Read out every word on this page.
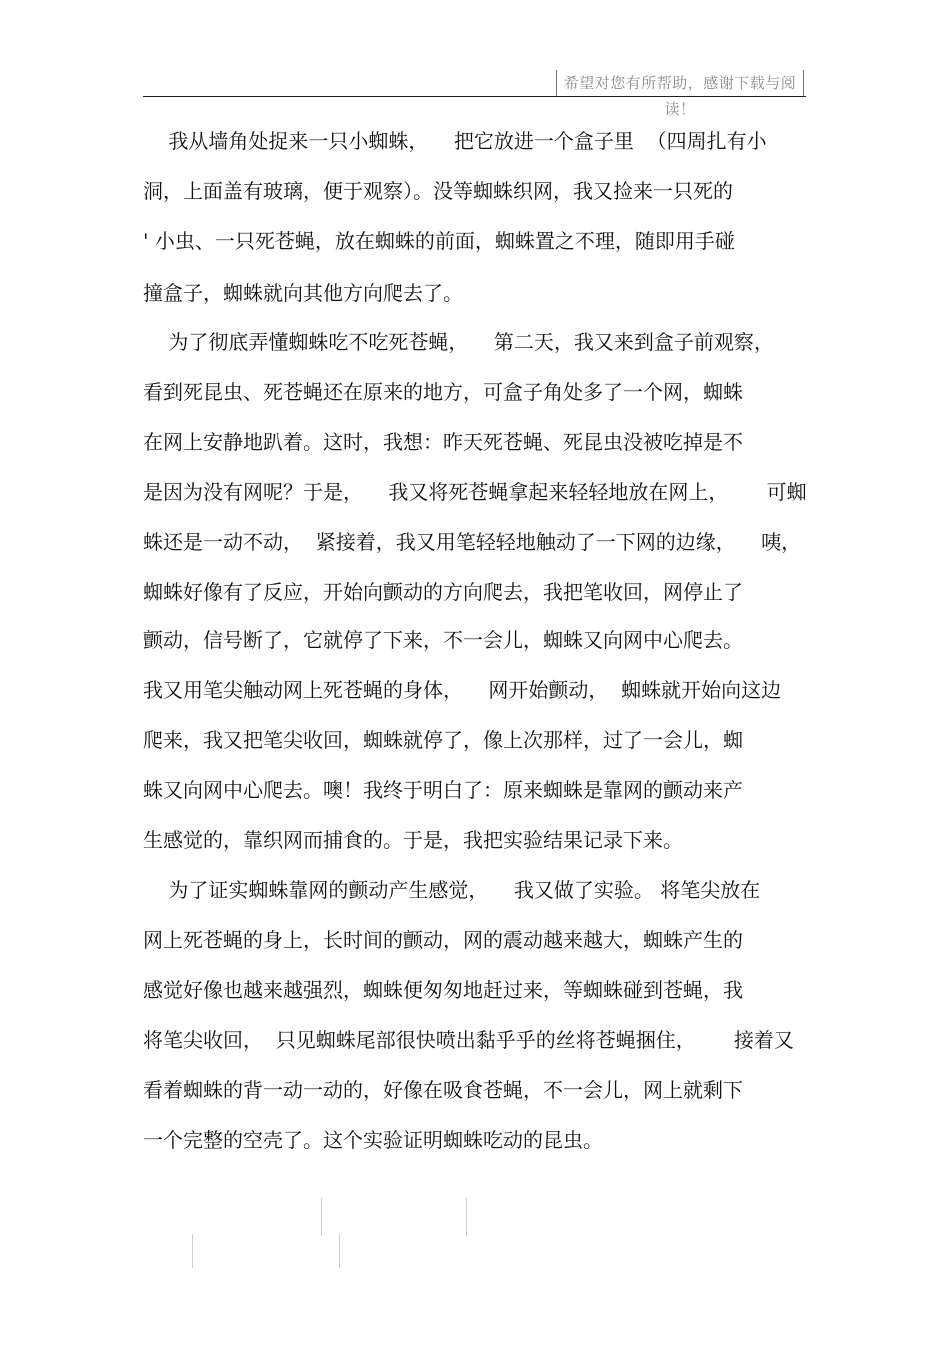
希望对您有所帮助，感谢下载与阅读！
我从墙角处捉来一只小蜘蛛，    把它放进一个盒子里  （四周扎有小
洞，上面盖有玻璃，便于观察）。没等蜘蛛织网，我又捡来一只死的
' 小虫、一只死苍蝇，放在蜘蛛的前面，蜘蛛置之不理，随即用手碰
撞盒子，蜘蛛就向其他方向爬去了。
为了彻底弄懂蜘蛛吃不吃死苍蝇，    第二天，我又来到盒子前观察，
看到死昆虫、死苍蝇还在原来的地方，可盒子角处多了一个网，蜘蛛
在网上安静地趴着。这时，我想：昨天死苍蝇、死昆虫没被吃掉是不
是因为没有网呢？于是，    我又将死苍蝇拿起来轻轻地放在网上，      可蜘
蛛还是一动不动，  紧接着，我又用笔轻轻地触动了一下网的边缘，    咦，
蜘蛛好像有了反应，开始向颤动的方向爬去，我把笔收回，网停止了
颤动，信号断了，它就停了下来，不一会儿，蜘蛛又向网中心爬去。
我又用笔尖触动网上死苍蝇的身体，    网开始颤动，  蜘蛛就开始向这边
爬来，我又把笔尖收回，蜘蛛就停了，像上次那样，过了一会儿，蜘
蛛又向网中心爬去。噢！我终于明白了：原来蜘蛛是靠网的颤动来产
生感觉的，靠织网而捕食的。于是，我把实验结果记录下来。
为了证实蜘蛛靠网的颤动产生感觉，    我又做了实验。 将笔尖放在
网上死苍蝇的身上，长时间的颤动，网的震动越来越大，蜘蛛产生的
感觉好像也越来越强烈，蜘蛛便匆匆地赶过来，等蜘蛛碰到苍蝇，我
将笔尖收回，  只见蜘蛛尾部很快喷出黏乎乎的丝将苍蝇捆住，      接着又
看着蜘蛛的背一动一动的，好像在吸食苍蝇，不一会儿，网上就剩下
一个完整的空壳了。这个实验证明蜘蛛吃动的昆虫。
